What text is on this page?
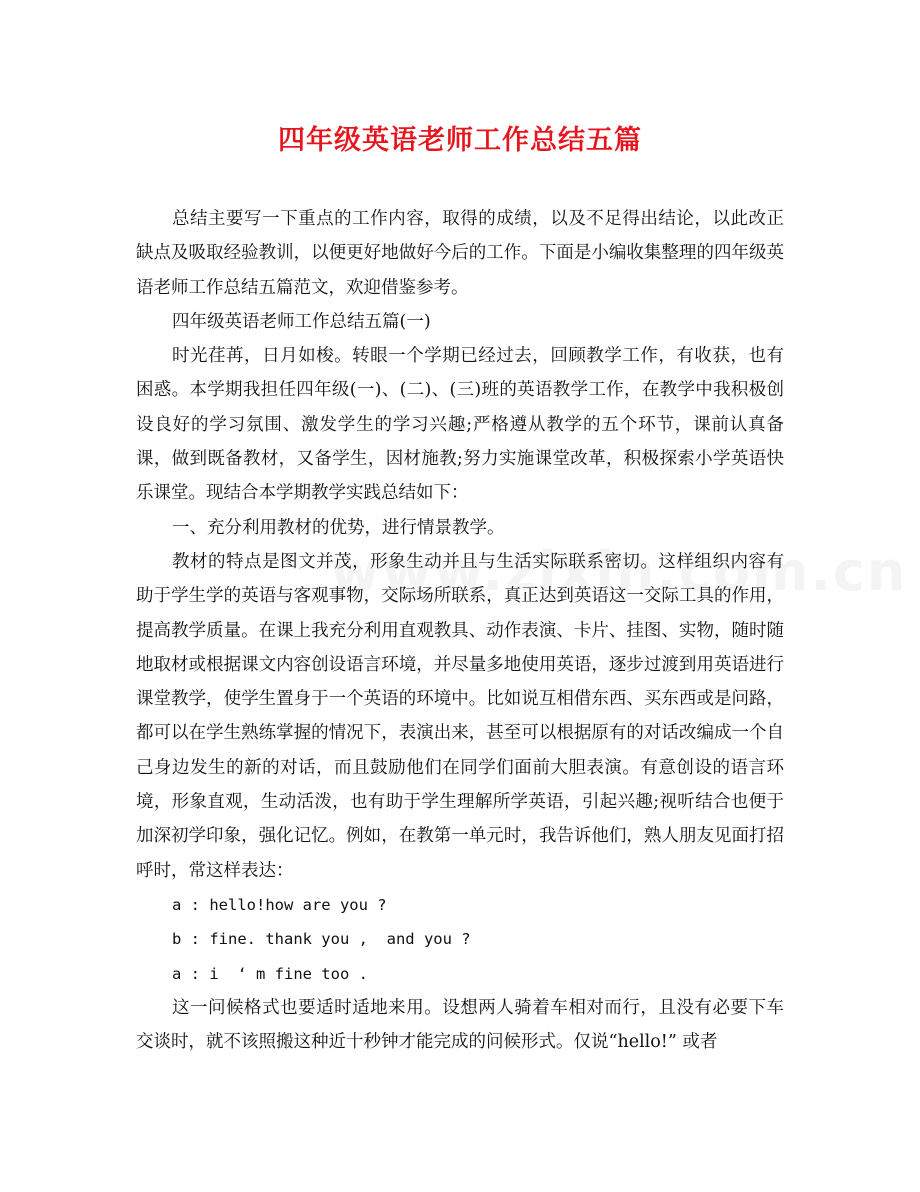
四年级英语老师工作总结五篇

总结主要写一下重点的工作内容，取得的成绩，以及不足得出结论，以此改正缺点及吸取经验教训，以便更好地做好今后的工作。下面是小编收集整理的四年级英语老师工作总结五篇范文，欢迎借鉴参考。

四年级英语老师工作总结五篇(一)

时光荏苒，日月如梭。转眼一个学期已经过去，回顾教学工作，有收获，也有困惑。本学期我担任四年级(一)、(二)、(三)班的英语教学工作，在教学中我积极创设良好的学习氛围、激发学生的学习兴趣;严格遵从教学的五个环节，课前认真备课，做到既备教材，又备学生，因材施教;努力实施课堂改革，积极探索小学英语快乐课堂。现结合本学期教学实践总结如下：

一、充分利用教材的优势，进行情景教学。

教材的特点是图文并茂，形象生动并且与生活实际联系密切。这样组织内容有助于学生学的英语与客观事物，交际场所联系，真正达到英语这一交际工具的作用，提高教学质量。在课上我充分利用直观教具、动作表演、卡片、挂图、实物，随时随地取材或根据课文内容创设语言环境，并尽量多地使用英语，逐步过渡到用英语进行课堂教学，使学生置身于一个英语的环境中。比如说互相借东西、买东西或是问路，都可以在学生熟练掌握的情况下，表演出来，甚至可以根据原有的对话改编成一个自己身边发生的新的对话，而且鼓励他们在同学们面前大胆表演。有意创设的语言环境，形象直观，生动活泼，也有助于学生理解所学英语，引起兴趣;视听结合也便于加深初学印象，强化记忆。例如，在教第一单元时，我告诉他们，熟人朋友见面打招呼时，常这样表达：

a : hello!how are you ?

b : fine. thank you ,  and you ?

a : i  ‘ m fine too .

这一问候格式也要适时适地来用。设想两人骑着车相对而行，且没有必要下车交谈时，就不该照搬这种近十秒钟才能完成的问候形式。仅说“hello!” 或者
